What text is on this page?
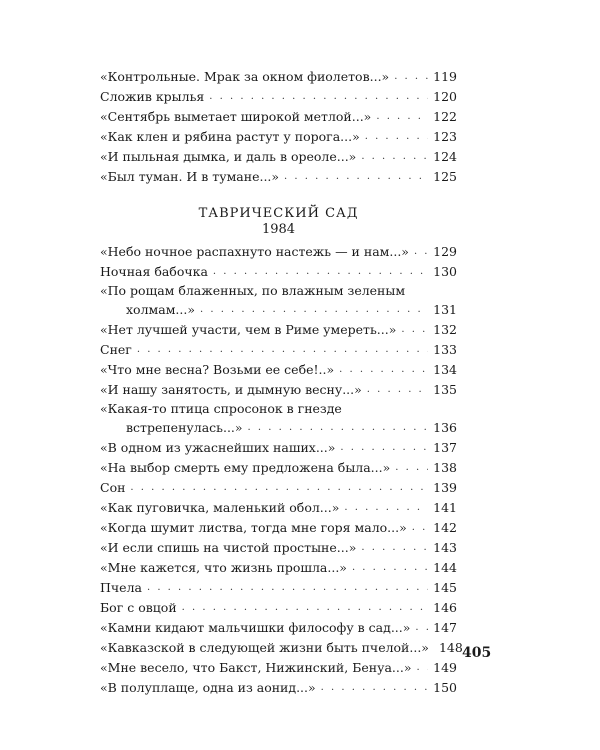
«Контрольные. Мрак за окном фиолетов...» . . .	119
Сложив крылья . . .	120
«Сентябрь выметает широкой метлой...» . . .	122
«Как клен и рябина растут у порога...» . . .	123
«И пыльная дымка, и даль в ореоле...» . . .	124
«Был туман. И в тумане...» . . .	125
ТАВРИЧЕСКИЙ САД
1984
«Небо ночное распахнуто настежь — и нам...» . . . 129
Ночная бабочка . . .	130
«По рощам блаженных, по влажным зеленым
холмам...» . . .	131
«Нет лучшей участи, чем в Риме умереть...» . . .	132
Снег . . .	133
«Что мне весна? Возьми ее себе!..» . . .	134
«И нашу занятость, и дымную весну...» . . .	135
«Какая-то птица спросонок в гнезде
встрепенулась...» . . .	136
«В одном из ужаснейших наших...» . . .	137
«На выбор смерть ему предложена была...» . . .	138
Сон . . .	139
«Как пуговичка, маленький обол...» . . .	141
«Когда шумит листва, тогда мне горя мало...» . . . 142
«И если спишь на чистой простыне...» . . .	143
«Мне кажется, что жизнь прошла...» . . .	144
Пчела . . .	145
Бог с овцой . . .	146
«Камни кидают мальчишки философу в сад...» . . . 147
«Кавказской в следующей жизни быть пчелой...» 148
«Мне весело, что Бакст, Нижинский, Бенуа...» . . . 149
«В полуплаще, одна из аонид...» . . .	150
405
